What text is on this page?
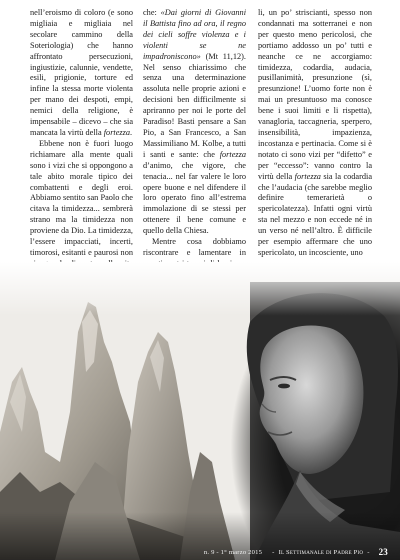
nell’eroismo di coloro (e sono migliaia e migliaia nel secolare cammino della Soteriologia) che hanno affrontato persecuzioni, ingiustizie, calunnie, vendette, esili, prigionie, torture ed infine la stessa morte violenta per mano dei despoti, empi, nemici della religione, è impensabile – dicevo – che sia mancata la virtù della fortezza.

Ebbene non è fuori luogo richiamare alla mente quali sono i vizi che si oppongono a tale abito morale tipico dei combattenti e degli eroi. Abbiamo sentito san Paolo che citava la timidezza... sembrerà strano ma la timidezza non proviene da Dio. La timidezza, l’essere impacciati, incerti, timorosi, esitanti e paurosi non

che: «Dai giorni di Giovanni il Battista fino ad ora, il regno dei cieli soffre violenza e i violenti se ne impadroniscono» (Mt 11,12). Nel senso chiarissimo che senza una determinazione assoluta nelle proprie azioni e decisioni ben difficilmente si apriranno per noi le porte del Paradiso! Basti pensare a San Pio, a San Francesco, a San Massimiliano M. Kolbe, a tutti i santi e sante: che fortezza d’animo, che vigore, che tenacia... nel far valere le loro opere buone e nel difendere il loro operato fino all’estrema immolazione di se stessi per ottenere il bene comune e quello della Chiesa.

Mentre cosa dobbiamo riscontrare e lamentare in

li, un po’ striscianti, spesso non condannati ma sotterranei e non per questo meno pericolosi, che portiamo addosso un po’ tutti e neanche ce ne accorgiamo: timidezza, codardia, audacia, pusillanimità, presunzione (sì, presunzione! L’uomo forte non è mai un presuntuoso ma conosce bene i suoi limiti e li rispetta), vanagloria, taccagneria, sperpero, insensibilità, impazienza, incostanza e pertinacia. Come si è notato ci sono vizi per “difetto” e per “eccesso”: vanno contro la virtù della fortezza sia la codardia che l’audacia (che sarebbe meglio definire temerarietà o spericolatezza). Infatti ogni virtù sta nel mezzo e non eccede né in un verso né nell’altro. È difficile per esempio affermare che uno spericolato, un incosciente, uno

n. 9 - 1° marzo 2015 - Il Settimanale di Padre Pio - 23
